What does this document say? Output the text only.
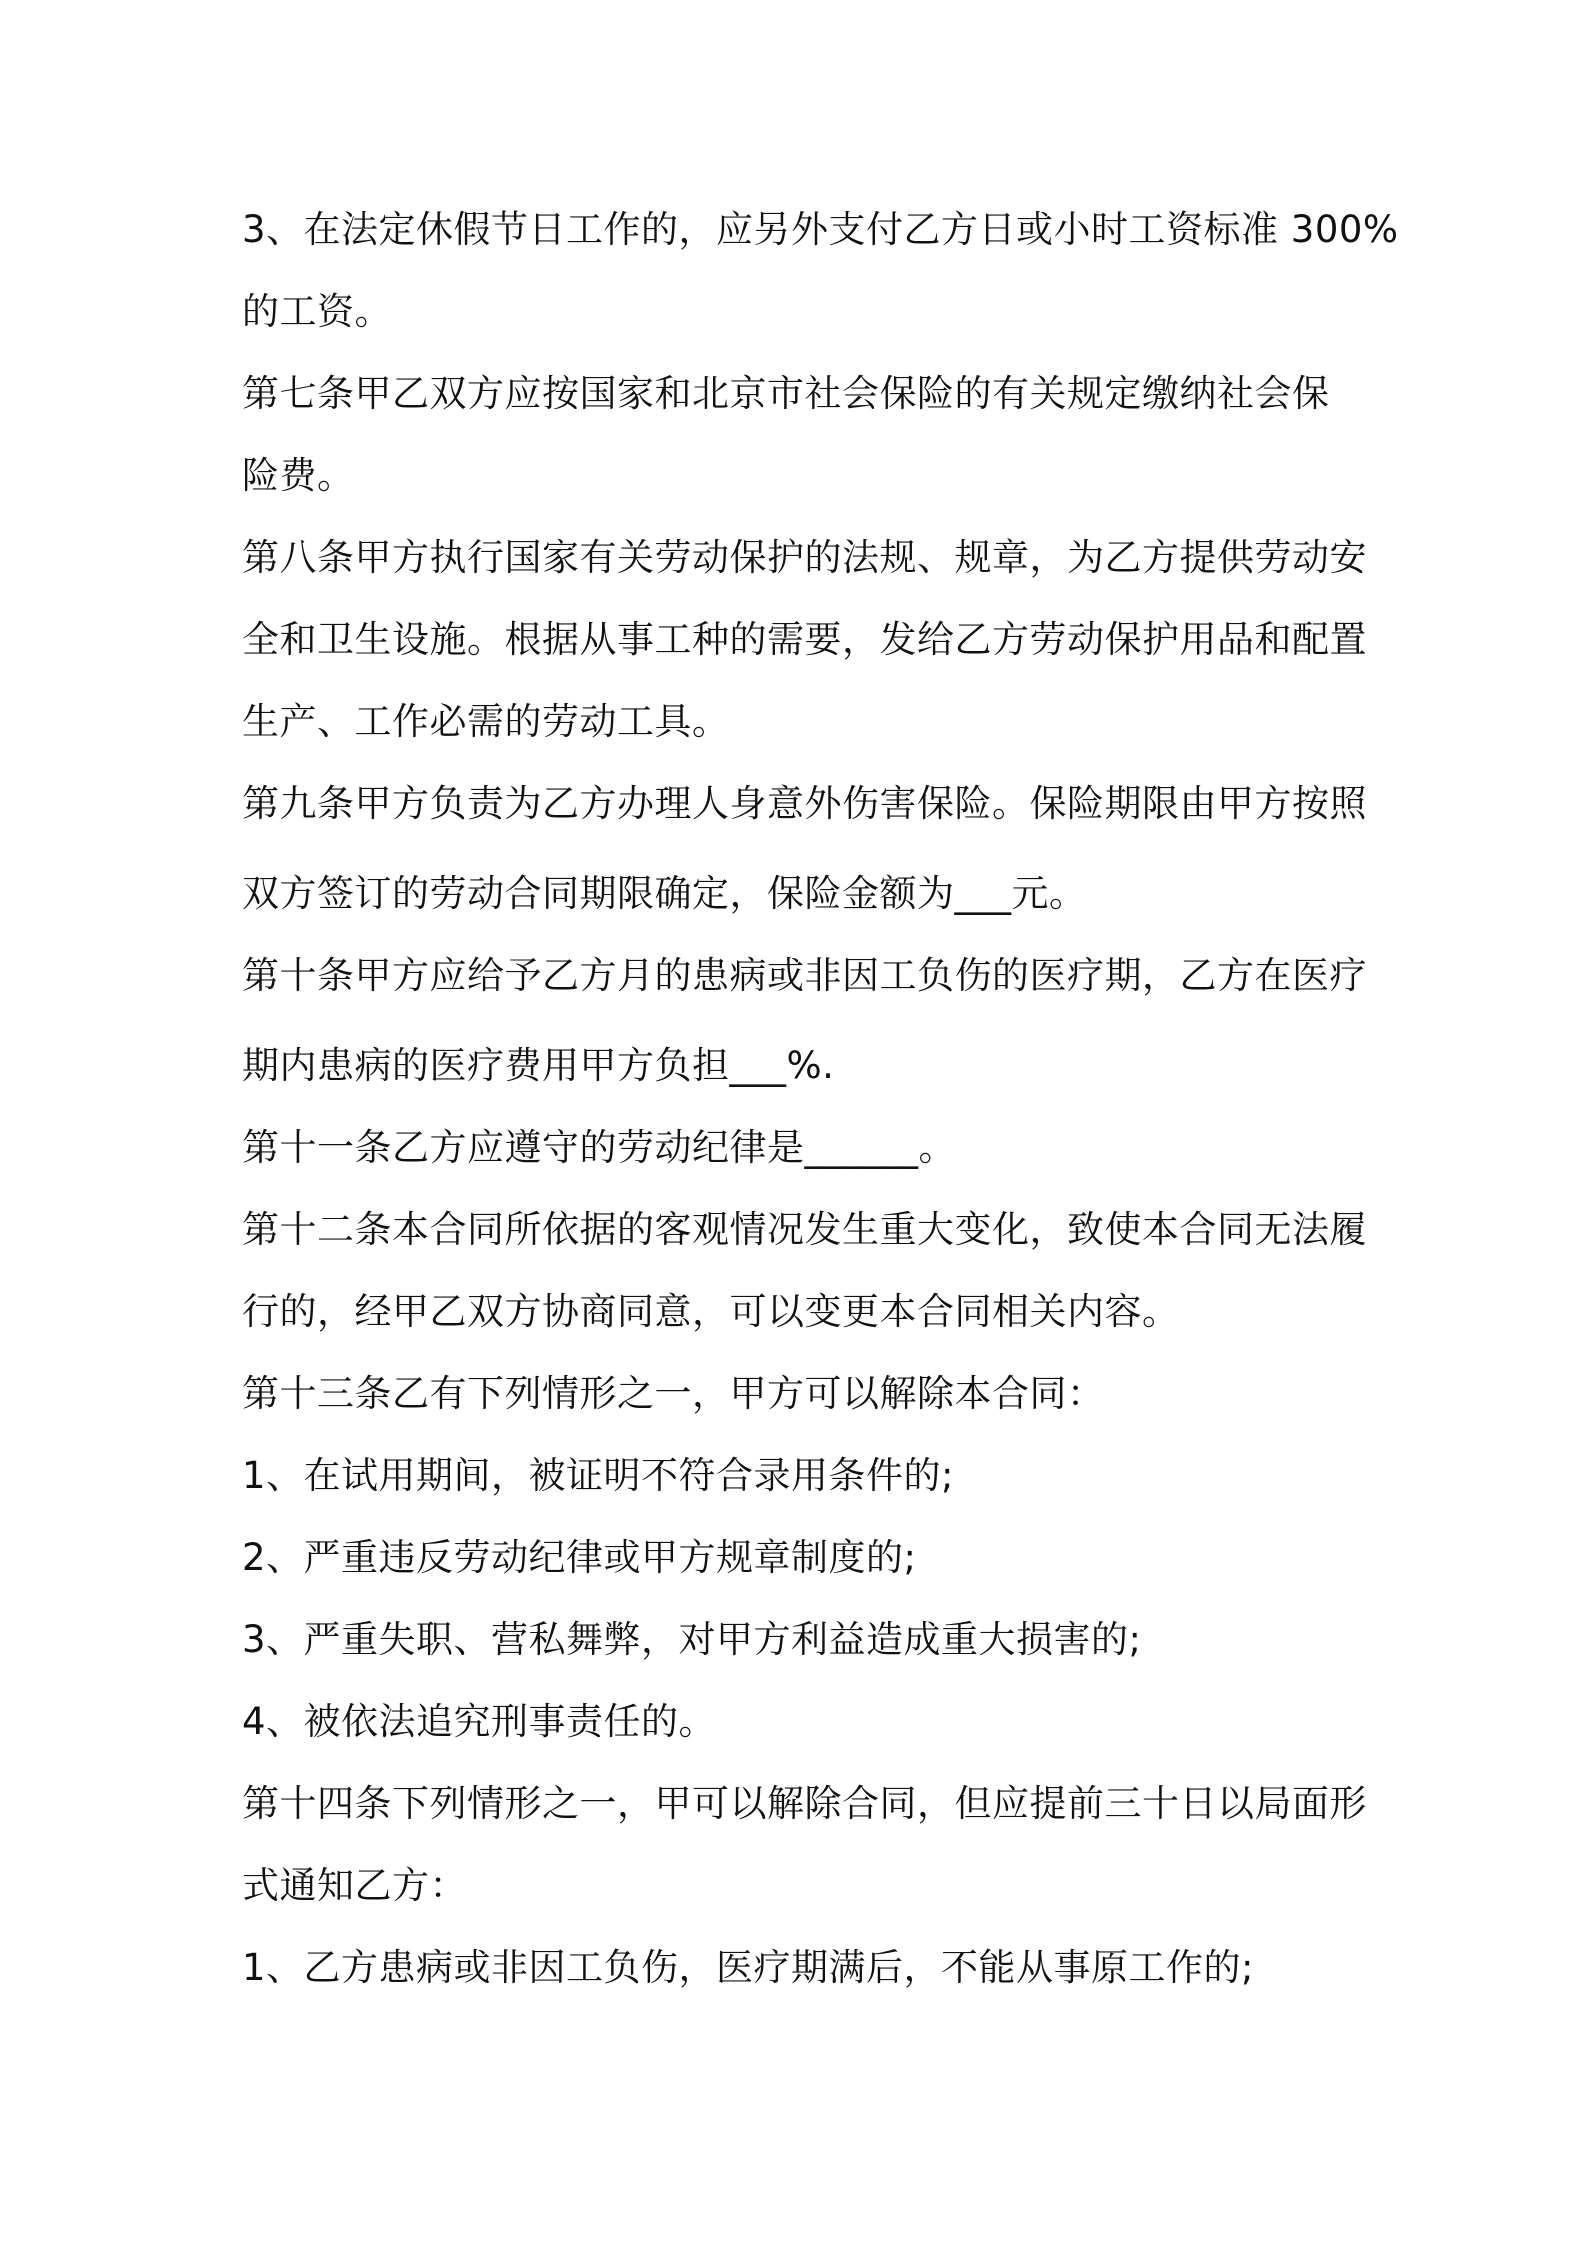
3、在法定休假节日工作的，应另外支付乙方日或小时工资标准 300%

的工资。

第七条甲乙双方应按国家和北京市社会保险的有关规定缴纳社会保

险费。

第八条甲方执行国家有关劳动保护的法规、规章，为乙方提供劳动安

全和卫生设施。根据从事工种的需要，发给乙方劳动保护用品和配置

生产、工作必需的劳动工具。

第九条甲方负责为乙方办理人身意外伤害保险。保险期限由甲方按照

双方签订的劳动合同期限确定，保险金额为___元。

第十条甲方应给予乙方月的患病或非因工负伤的医疗期，乙方在医疗

期内患病的医疗费用甲方负担___%.

第十一条乙方应遵守的劳动纪律是______。

第十二条本合同所依据的客观情况发生重大变化，致使本合同无法履

行的，经甲乙双方协商同意，可以变更本合同相关内容。

第十三条乙有下列情形之一，甲方可以解除本合同：

1、在试用期间，被证明不符合录用条件的;

2、严重违反劳动纪律或甲方规章制度的;

3、严重失职、营私舞弊，对甲方利益造成重大损害的;

4、被依法追究刑事责任的。

第十四条下列情形之一，甲可以解除合同，但应提前三十日以局面形

式通知乙方：

1、乙方患病或非因工负伤，医疗期满后，不能从事原工作的;
